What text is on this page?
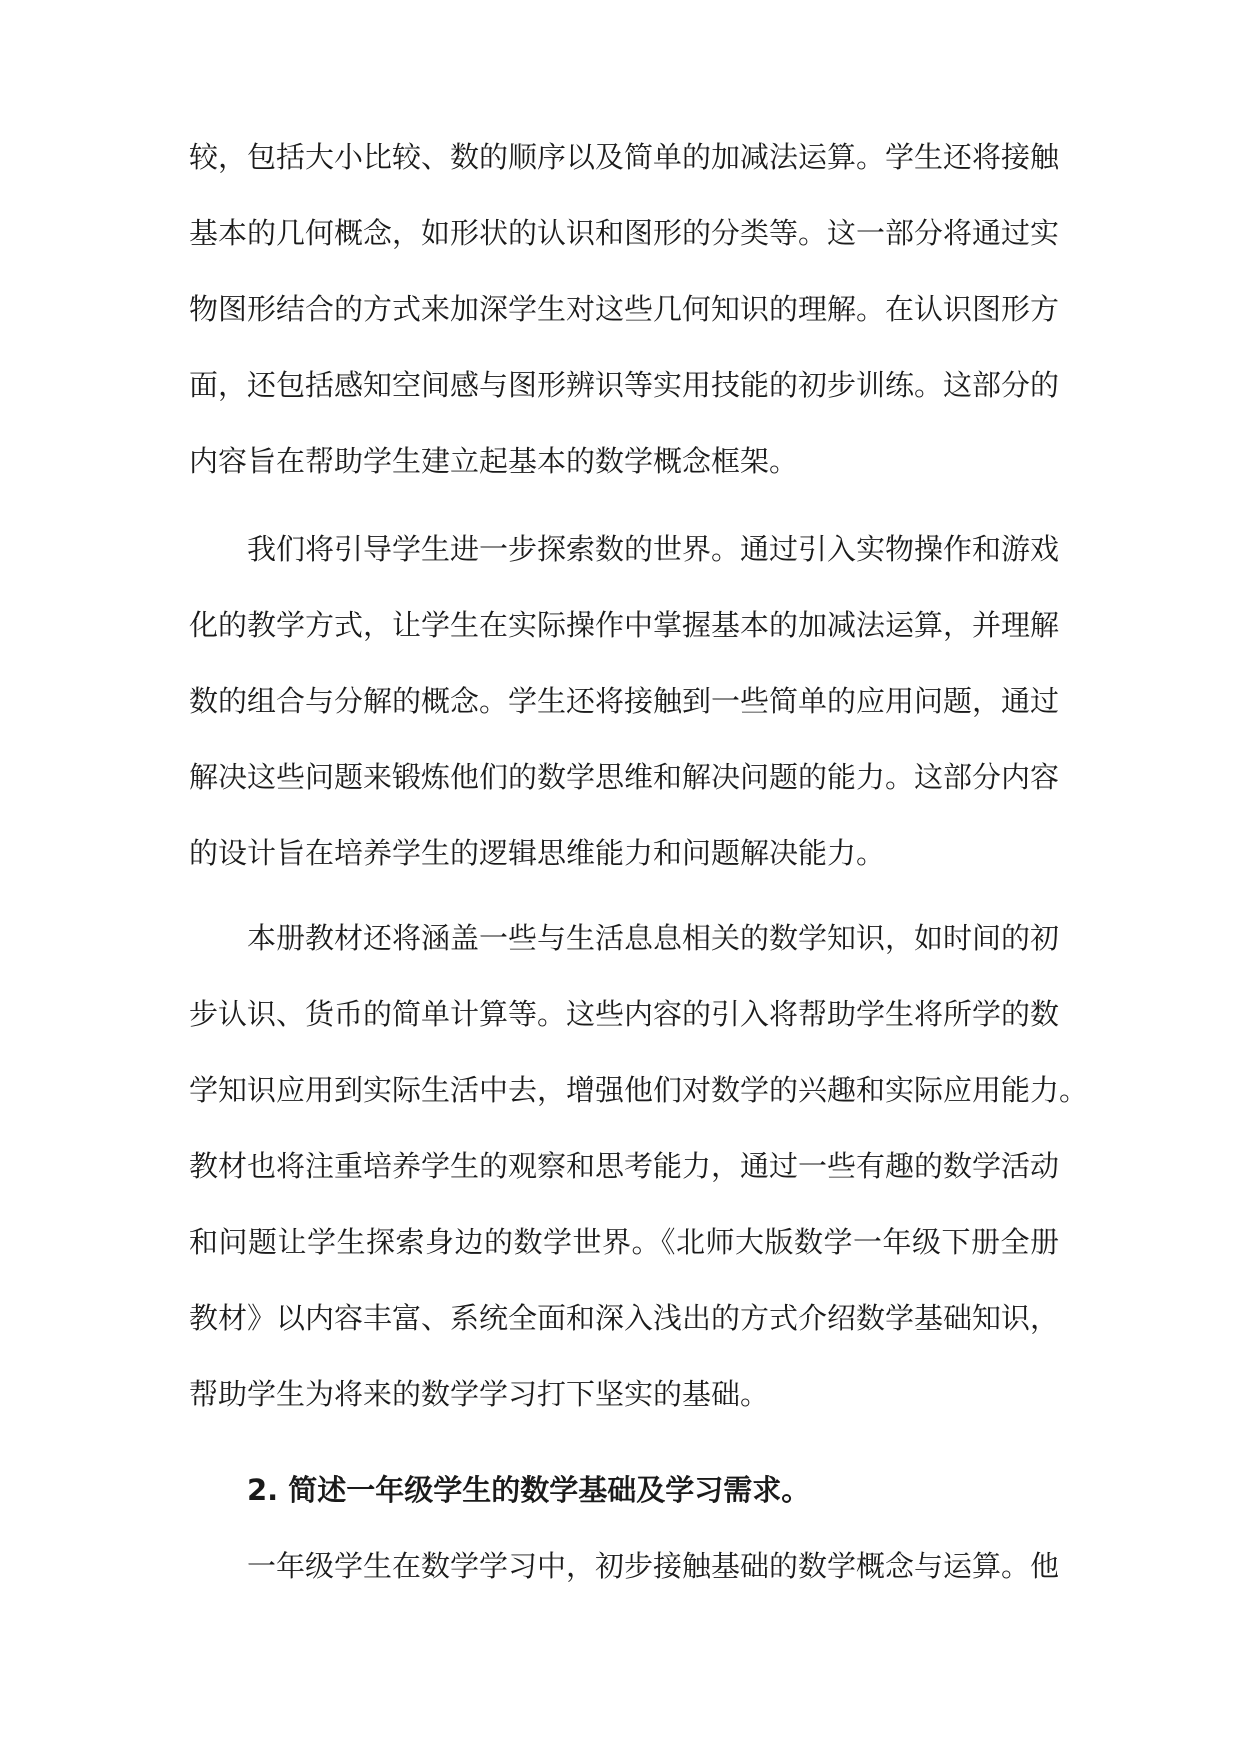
较，包括大小比较、数的顺序以及简单的加减法运算。学生还将接触
基本的几何概念，如形状的认识和图形的分类等。这一部分将通过实
物图形结合的方式来加深学生对这些几何知识的理解。在认识图形方
面，还包括感知空间感与图形辨识等实用技能的初步训练。这部分的
内容旨在帮助学生建立起基本的数学概念框架。
我们将引导学生进一步探索数的世界。通过引入实物操作和游戏
化的教学方式，让学生在实际操作中掌握基本的加减法运算，并理解
数的组合与分解的概念。学生还将接触到一些简单的应用问题，通过
解决这些问题来锻炼他们的数学思维和解决问题的能力。这部分内容
的设计旨在培养学生的逻辑思维能力和问题解决能力。
本册教材还将涵盖一些与生活息息相关的数学知识，如时间的初
步认识、货币的简单计算等。这些内容的引入将帮助学生将所学的数
学知识应用到实际生活中去，增强他们对数学的兴趣和实际应用能力。
教材也将注重培养学生的观察和思考能力，通过一些有趣的数学活动
和问题让学生探索身边的数学世界。《北师大版数学一年级下册全册
教材》以内容丰富、系统全面和深入浅出的方式介绍数学基础知识，
帮助学生为将来的数学学习打下坚实的基础。
2. 简述一年级学生的数学基础及学习需求。
一年级学生在数学学习中，初步接触基础的数学概念与运算。他
